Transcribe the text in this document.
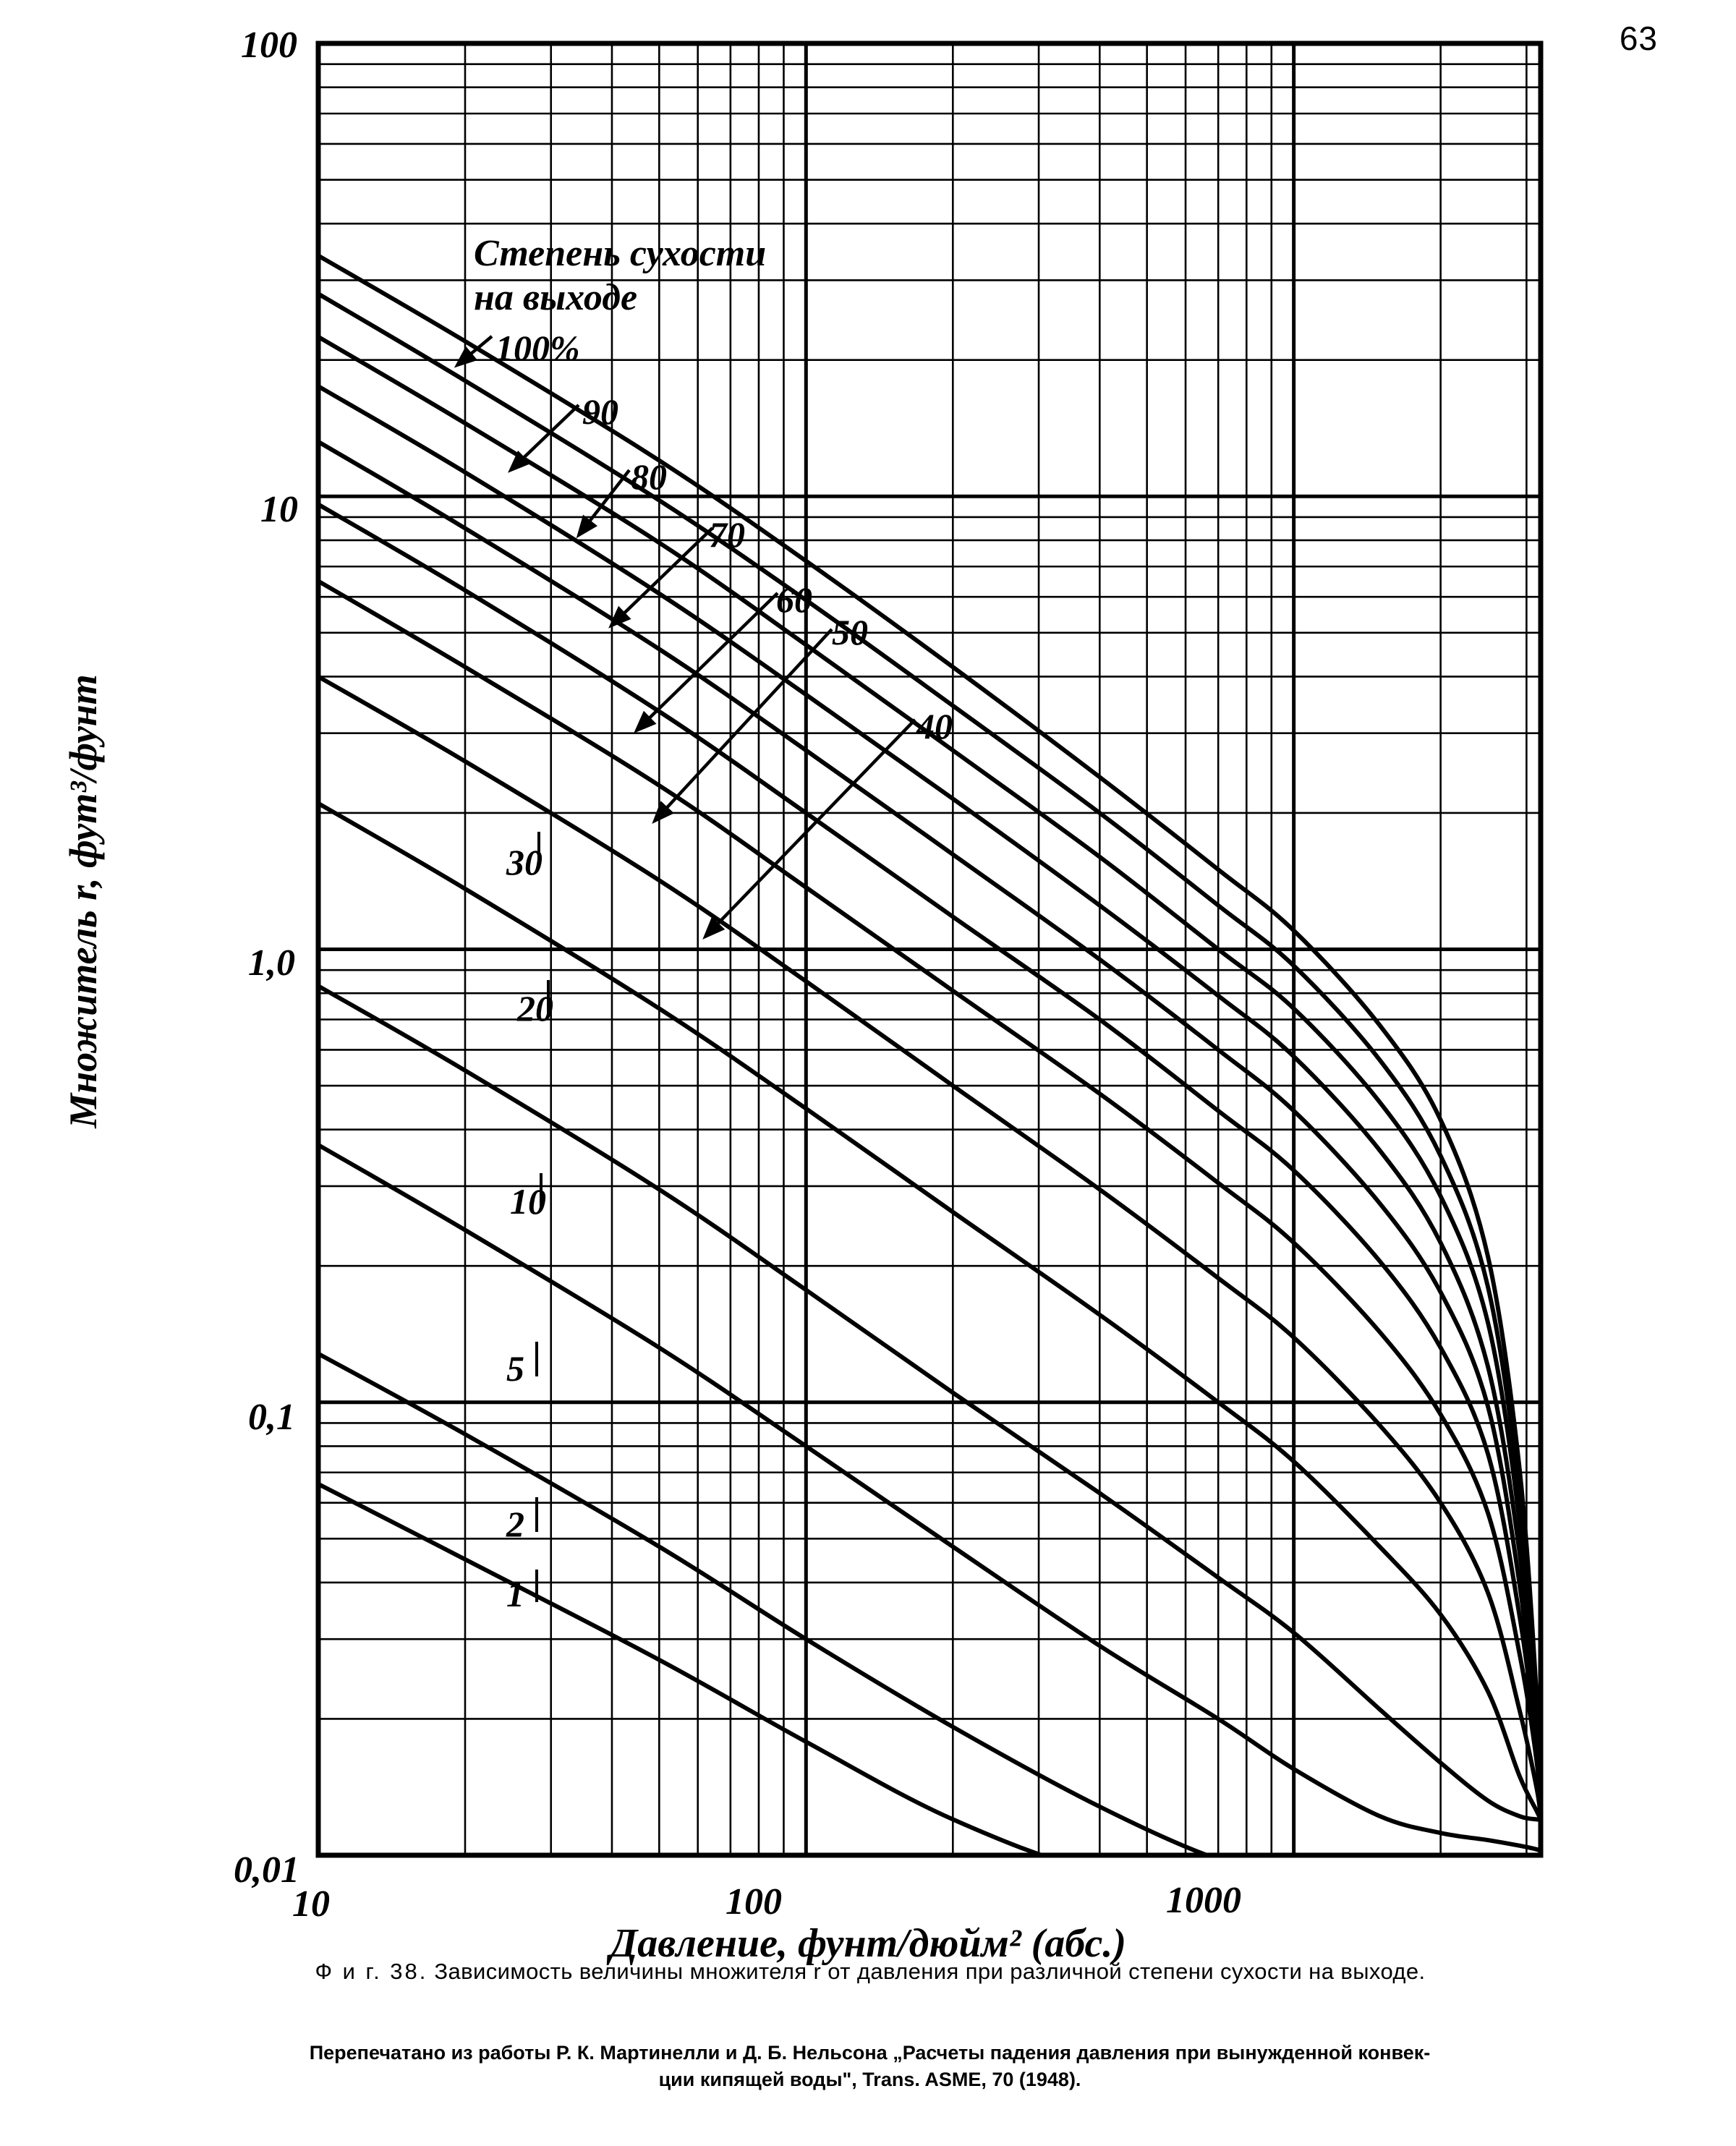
63
100
10
1,0
0,1
0,01
10	100	1000
Множитель r, фут³/фунт
Давление, фунт/дюйм² (абс.)
Степень сухости
на выходе
100%
90
80
70
60
50
40
30
20
10
5
2
1
Ф и г. 38. Зависимость величины множителя r от давления при различной степени сухости на выходе.
Перепечатано из работы Р. К. Мартинелли и Д. Б. Нельсона „Расчеты падения давления при вынужденной конвек-
ции кипящей воды", Trans. ASME, 70 (1948).
